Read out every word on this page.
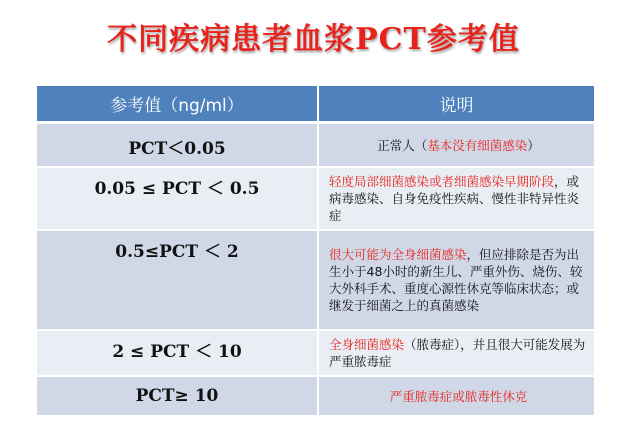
不同疾病患者血浆PCT参考值
参考值（ng/ml）	说明
PCT＜0.05	正常人（基本没有细菌感染）
0.05 ≤ PCT ＜ 0.5	轻度局部细菌感染或者细菌感染早期阶段，或病毒感染、自身免疫性疾病、慢性非特异性炎症
0.5≤PCT ＜ 2	很大可能为全身细菌感染，但应排除是否为出生小于48小时的新生儿、严重外伤、烧伤、较大外科手术、重度心源性休克等临床状态；或继发于细菌之上的真菌感染
2 ≤ PCT ＜ 10	全身细菌感染（脓毒症），并且很大可能发展为严重脓毒症
PCT≥ 10	严重脓毒症或脓毒性休克
